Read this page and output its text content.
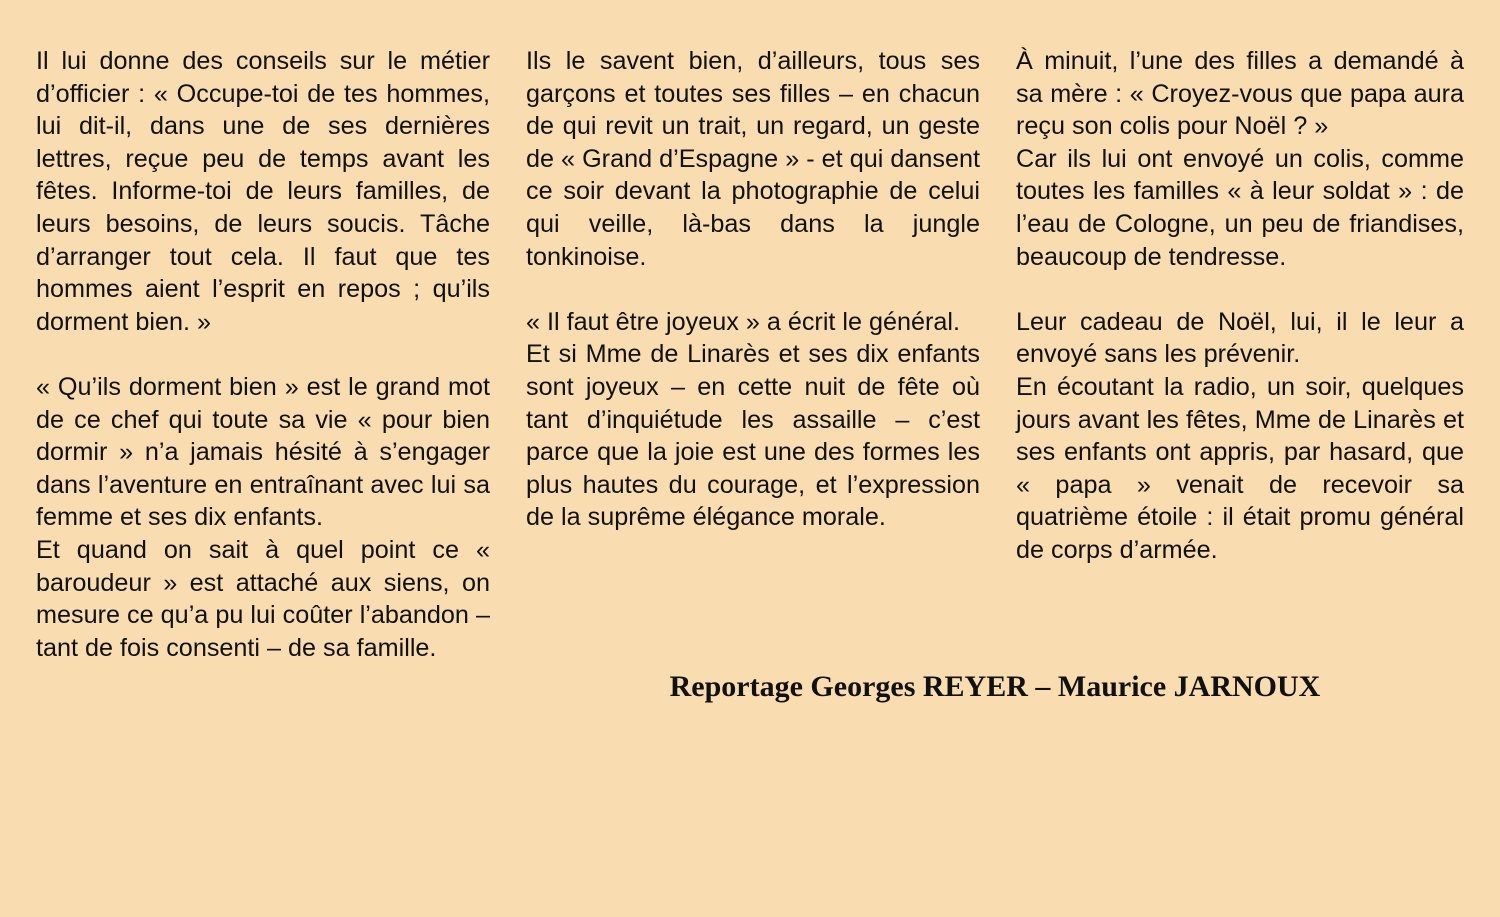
Il lui donne des conseils sur le métier d’officier : « Occupe-toi de tes hommes, lui dit-il, dans une de ses dernières lettres, reçue peu de temps avant les fêtes. Informe-toi de leurs familles, de leurs besoins, de leurs soucis. Tâche d’arranger tout cela. Il faut que tes hommes aient l’esprit en repos ; qu’ils dorment bien. »

« Qu’ils dorment bien » est le grand mot de ce chef qui toute sa vie « pour bien dormir » n’a jamais hésité à s’engager dans l’aventure en entraînant avec lui sa femme et ses dix enfants.

Et quand on sait à quel point ce « baroudeur » est attaché aux siens, on mesure ce qu’a pu lui coûter l’abandon – tant de fois consenti – de sa famille.

Ils le savent bien, d’ailleurs, tous ses garçons et toutes ses filles – en chacun de qui revit un trait, un regard, un geste de « Grand d’Espagne » - et qui dansent ce soir devant la photographie de celui qui veille, là-bas dans la jungle tonkinoise.

« Il faut être joyeux » a écrit le général.

Et si Mme de Linarès et ses dix enfants sont joyeux – en cette nuit de fête où tant d’inquiétude les assaille – c’est parce que la joie est une des formes les plus hautes du courage, et l’expression de la suprême élégance morale.

À minuit, l’une des filles a demandé à sa mère : « Croyez-vous que papa aura reçu son colis pour Noël ? »

Car ils lui ont envoyé un colis, comme toutes les familles « à leur soldat » : de l’eau de Cologne, un peu de friandises, beaucoup de tendresse.

Leur cadeau de Noël, lui, il le leur a envoyé sans les prévenir.

En écoutant la radio, un soir, quelques jours avant les fêtes, Mme de Linarès et ses enfants ont appris, par hasard, que « papa » venait de recevoir sa quatrième étoile : il était promu général de corps d’armée.

Reportage Georges REYER – Maurice JARNOUX
